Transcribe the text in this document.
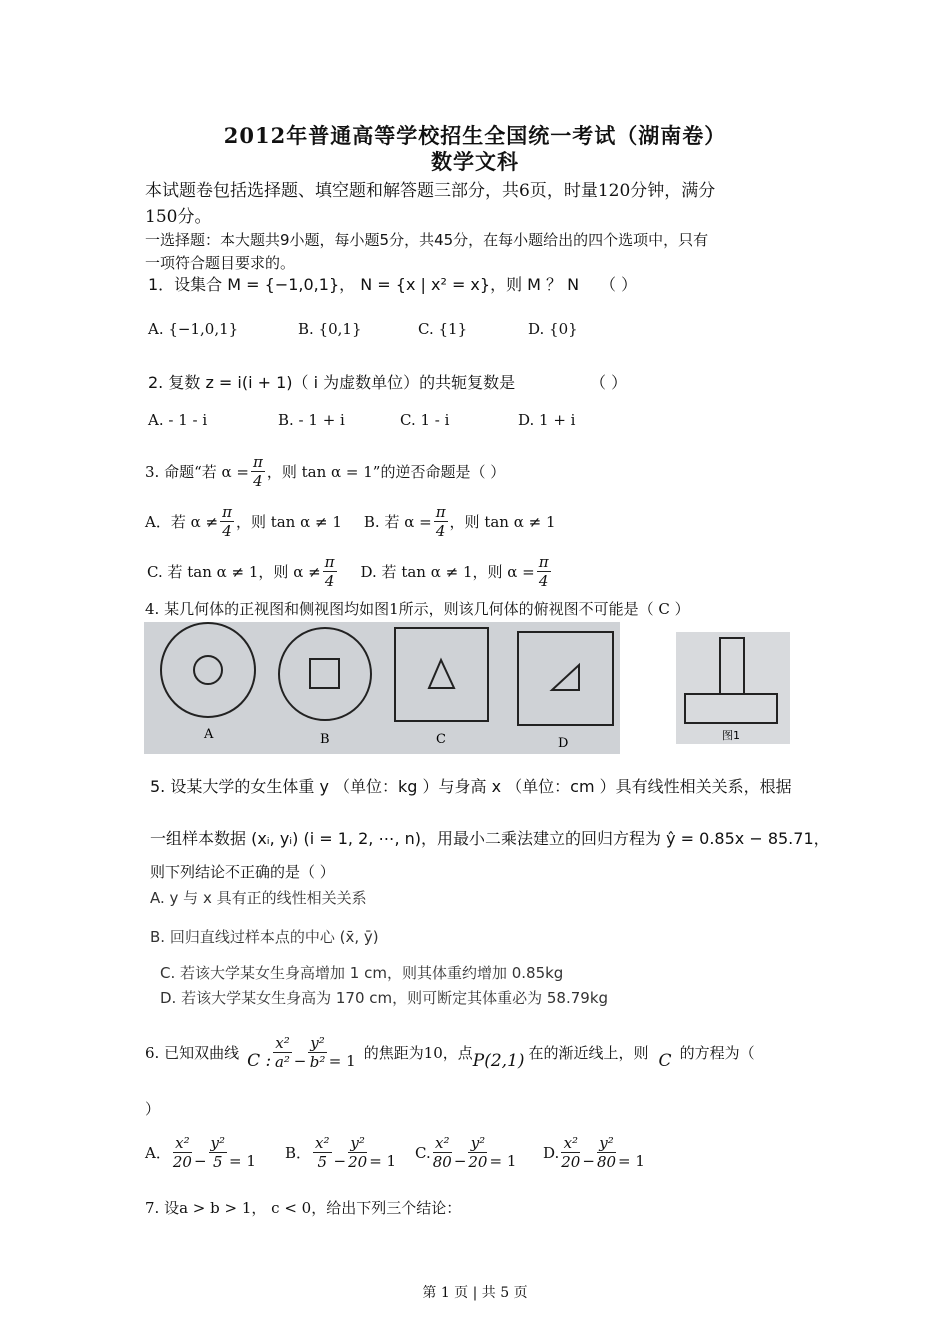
2012年普通高等学校招生全国统一考试（湖南卷）
数学文科
本试题卷包括选择题、填空题和解答题三部分，共6页，时量120分钟，满分
150分。
一选择题：本大题共9小题，每小题5分，共45分，在每小题给出的四个选项中，只有
一项符合题目要求的。
1．设集合 M = {−1,0,1}， N = {x | x² = x}，则 M ？ N （ ）
A. {−1,0,1}	B. {0,1}	C. {1}	D. {0}
2. 复数 z = i(i + 1)（ i 为虚数单位）的共轭复数是	（ ）
A. - 1 - i	B. - 1 + i	C. 1 - i	D. 1 + i
3. 命题“若 $\alpha = \frac{\pi}{4}$ ，则 tan α = 1”的逆否命题是（ ）
A．若 $\alpha \ne \frac{\pi}{4}$ ，则 tan α ≠ 1 B. 若 $\alpha = \frac{\pi}{4}$ ，则 tan α ≠ 1
C. 若 tan α ≠ 1，则 $\alpha \ne \frac{\pi}{4} D$. 若 tan α ≠ 1，则 $\alpha = \frac{\pi}{4}$
4. 某几何体的正视图和侧视图均如图1所示，则该几何体的俯视图不可能是（ C ）
A	B	C	D
图1
5. 设某大学的女生体重 y （单位：kg ）与身高 x （单位：cm ）具有线性相关关系，根据
一组样本数据 (xᵢ, yᵢ) (i = 1, 2, ⋯, n)，用最小二乘法建立的回归方程为 ŷ = 0.85x − 85.71，
则下列结论不正确的是（ ）
A. y 与 x 具有正的线性相关关系
B. 回归直线过样本点的中心 (x̄, ȳ)
C. 若该大学某女生身高增加 1 cm，则其体重约增加 0.85kg
D. 若该大学某女生身高为 170 cm，则可断定其体重必为 58.79kg
6. 已知双曲线 C : $\frac{\text{x²}}{\text{a²}} - \frac{\text{y²}}{\text{b²}} = 1$ 的焦距为10，点 P(2,1) 在的渐近线上，则 C 的方程为（
）
A． $\frac{\text{x²}}{20} - \frac{\text{y²}}{5} = 1$ B． $\frac{\text{x²}}{5} - \frac{\text{y²}}{20} = 1$ C. $\frac{\text{x²}}{80} - \frac{\text{y²}}{20} = 1$ D. $\frac{\text{x²}}{20} - \frac{\text{y²}}{80} = 1$
7. 设a > b > 1， c < 0，给出下列三个结论：
第 1 页 | 共 5 页
